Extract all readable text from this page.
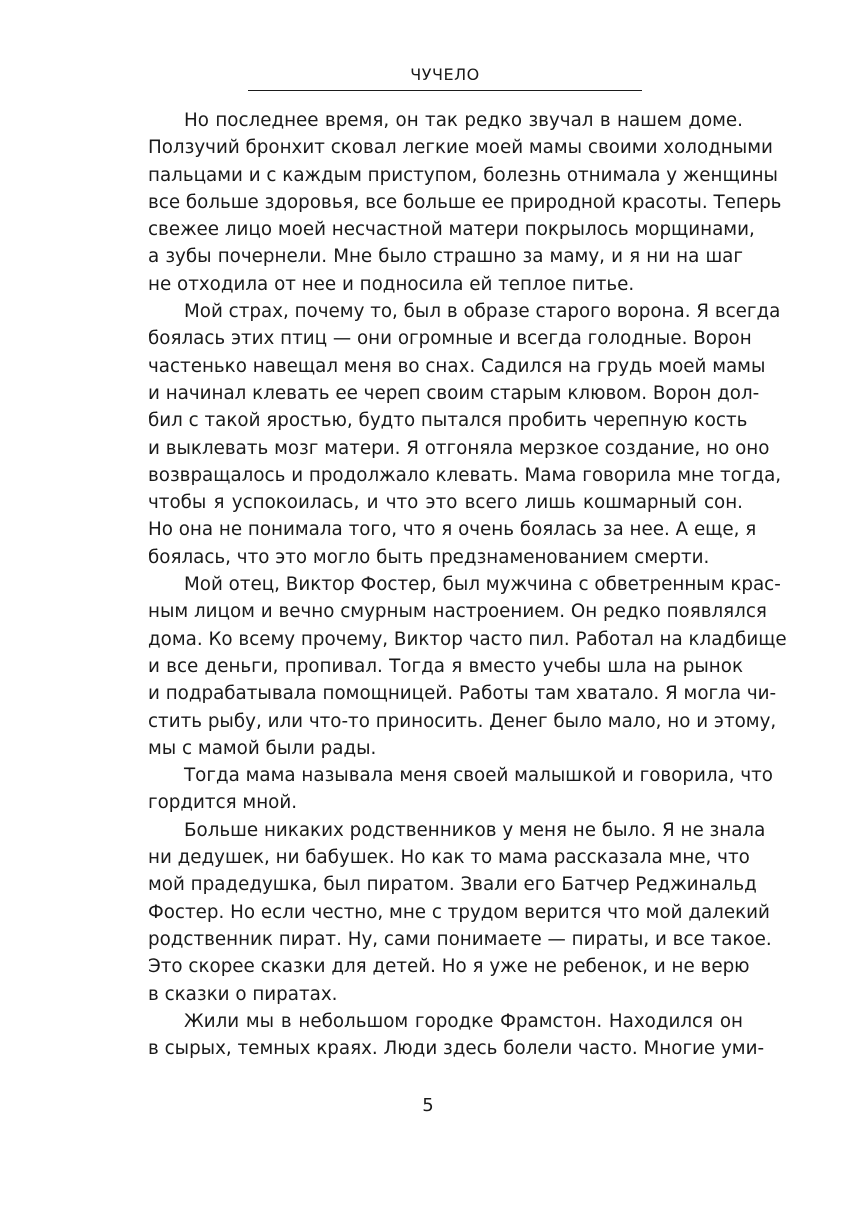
ЧУЧЕЛО
Но последнее время, он так редко звучал в нашем доме.
Ползучий бронхит сковал легкие моей мамы своими холодными
пальцами и с каждым приступом, болезнь отнимала у женщины
все больше здоровья, все больше ее природной красоты. Теперь
свежее лицо моей несчастной матери покрылось морщинами,
а зубы почернели. Мне было страшно за маму, и я ни на шаг
не отходила от нее и подносила ей теплое питье.
Мой страх, почему то, был в образе старого ворона. Я всегда
боялась этих птиц — они огромные и всегда голодные. Ворон
частенько навещал меня во снах. Садился на грудь моей мамы
и начинал клевать ее череп своим старым клювом. Ворон дол-
бил с такой яростью, будто пытался пробить черепную кость
и выклевать мозг матери. Я отгоняла мерзкое создание, но оно
возвращалось и продолжало клевать. Мама говорила мне тогда,
чтобы я успокоилась, и что это всего лишь кошмарный сон.
Но она не понимала того, что я очень боялась за нее. А еще, я
боялась, что это могло быть предзнаменованием смерти.
Мой отец, Виктор Фостер, был мужчина с обветренным крас-
ным лицом и вечно смурным настроением. Он редко появлялся
дома. Ко всему прочему, Виктор часто пил. Работал на кладбище
и все деньги, пропивал. Тогда я вместо учебы шла на рынок
и подрабатывала помощницей. Работы там хватало. Я могла чи-
стить рыбу, или что-то приносить. Денег было мало, но и этому,
мы с мамой были рады.
Тогда мама называла меня своей малышкой и говорила, что
гордится мной.
Больше никаких родственников у меня не было. Я не знала
ни дедушек, ни бабушек. Но как то мама рассказала мне, что
мой прадедушка, был пиратом. Звали его Батчер Реджинальд
Фостер. Но если честно, мне с трудом верится что мой далекий
родственник пират. Ну, сами понимаете — пираты, и все такое.
Это скорее сказки для детей. Но я уже не ребенок, и не верю
в сказки о пиратах.
Жили мы в небольшом городке Фрамстон. Находился он
в сырых, темных краях. Люди здесь болели часто. Многие уми-
5
